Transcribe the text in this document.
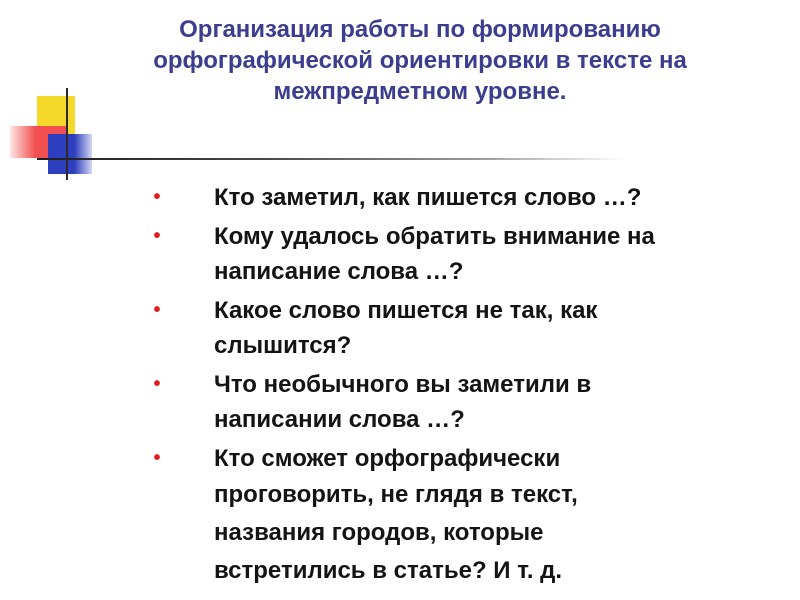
Организация работы по формированию
орфографической ориентировки в тексте на
межпредметном уровне.
• Кто заметил, как пишется слово …?
• Кому удалось обратить внимание на
написание слова …?
• Какое слово пишется не так, как
слышится?
• Что необычного вы заметили в
написании слова …?
• Кто сможет орфографически
проговорить, не глядя в текст,
названия городов, которые
встретились в статье? И т. д.
